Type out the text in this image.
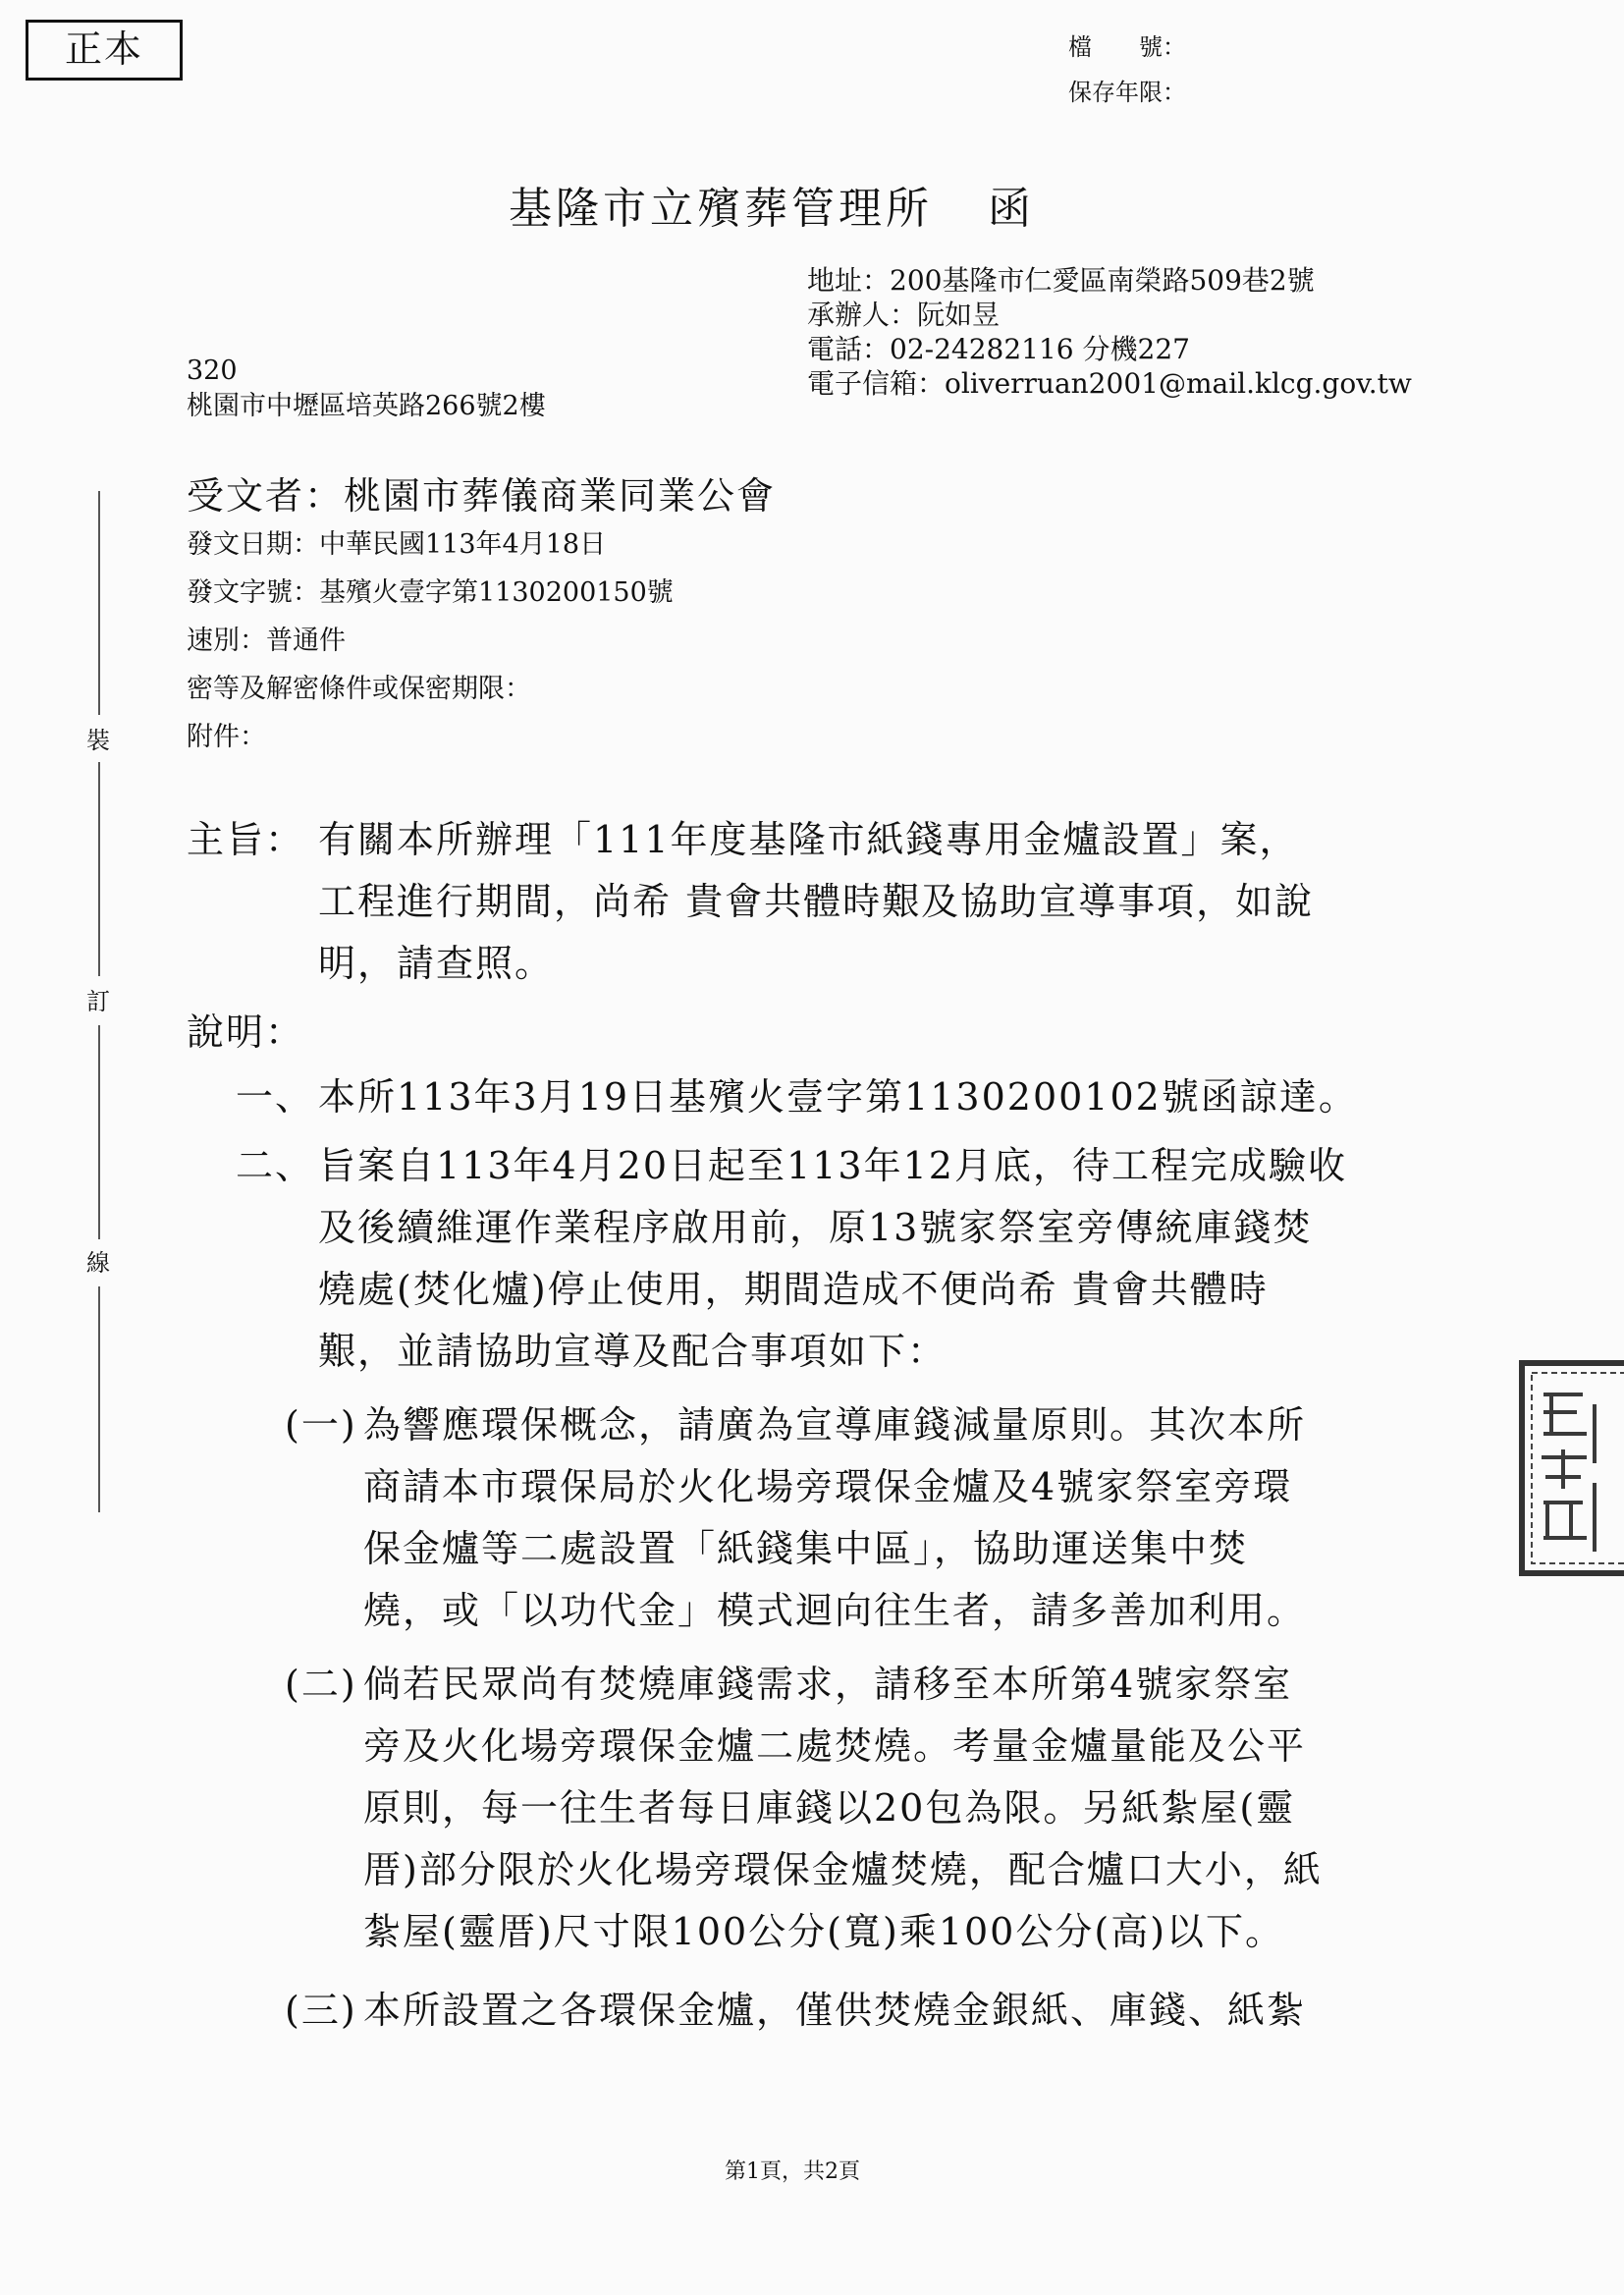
正本	檔　　號：
保存年限：
基隆市立殯葬管理所 函
地址：200基隆市仁愛區南榮路509巷2號
承辦人：阮如昱
電話：02-24282116 分機227
電子信箱：oliverruan2001@mail.klcg.gov.tw
320
桃園市中壢區培英路266號2樓
受文者：桃園市葬儀商業同業公會
發文日期：中華民國113年4月18日
發文字號：基殯火壹字第1130200150號
速別：普通件
密等及解密條件或保密期限：
附件：
裝
訂
線
主旨： 有關本所辦理「111年度基隆市紙錢專用金爐設置」案，
工程進行期間，尚希 貴會共體時艱及協助宣導事項，如說
明，請查照。
說明：
一、 本所113年3月19日基殯火壹字第1130200102號函諒達。
二、 旨案自113年4月20日起至113年12月底，待工程完成驗收
及後續維運作業程序啟用前，原13號家祭室旁傳統庫錢焚
燒處(焚化爐)停止使用，期間造成不便尚希 貴會共體時
艱，並請協助宣導及配合事項如下：
(一) 為響應環保概念，請廣為宣導庫錢減量原則。其次本所
商請本市環保局於火化場旁環保金爐及4號家祭室旁環
保金爐等二處設置「紙錢集中區」，協助運送集中焚
燒，或「以功代金」模式迴向往生者，請多善加利用。
(二) 倘若民眾尚有焚燒庫錢需求，請移至本所第4號家祭室
旁及火化場旁環保金爐二處焚燒。考量金爐量能及公平
原則，每一往生者每日庫錢以20包為限。另紙紮屋(靈
厝)部分限於火化場旁環保金爐焚燒，配合爐口大小，紙
紮屋(靈厝)尺寸限100公分(寬)乘100公分(高)以下。
(三) 本所設置之各環保金爐，僅供焚燒金銀紙、庫錢、紙紮
第1頁，共2頁
